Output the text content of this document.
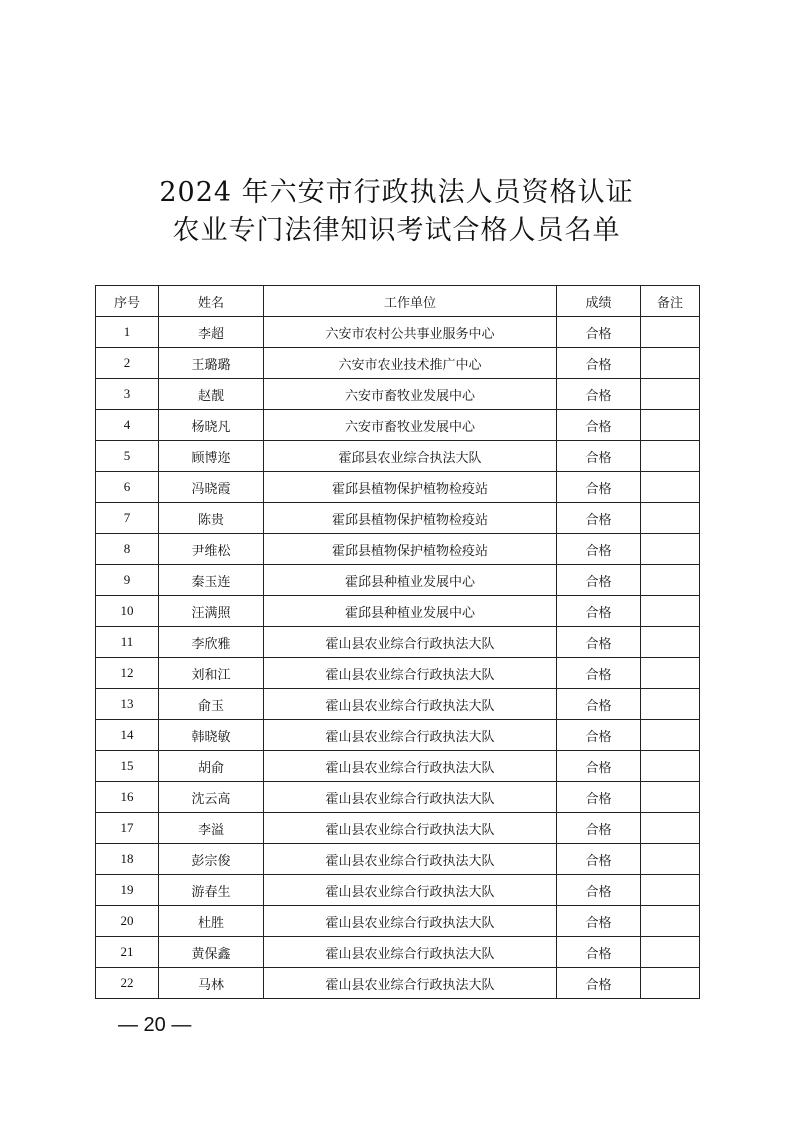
2024 年六安市行政执法人员资格认证
农业专门法律知识考试合格人员名单
序号	姓名	工作单位	成绩	备注
1	李超	六安市农村公共事业服务中心	合格	
2	王璐璐	六安市农业技术推广中心	合格	
3	赵靓	六安市畜牧业发展中心	合格	
4	杨晓凡	六安市畜牧业发展中心	合格	
5	顾博迩	霍邱县农业综合执法大队	合格	
6	冯晓霞	霍邱县植物保护植物检疫站	合格	
7	陈贵	霍邱县植物保护植物检疫站	合格	
8	尹维松	霍邱县植物保护植物检疫站	合格	
9	秦玉连	霍邱县种植业发展中心	合格	
10	汪满照	霍邱县种植业发展中心	合格	
11	李欣雅	霍山县农业综合行政执法大队	合格	
12	刘和江	霍山县农业综合行政执法大队	合格	
13	俞玉	霍山县农业综合行政执法大队	合格	
14	韩晓敏	霍山县农业综合行政执法大队	合格	
15	胡俞	霍山县农业综合行政执法大队	合格	
16	沈云高	霍山县农业综合行政执法大队	合格	
17	李溢	霍山县农业综合行政执法大队	合格	
18	彭宗俊	霍山县农业综合行政执法大队	合格	
19	游春生	霍山县农业综合行政执法大队	合格	
20	杜胜	霍山县农业综合行政执法大队	合格	
21	黄保鑫	霍山县农业综合行政执法大队	合格	
22	马林	霍山县农业综合行政执法大队	合格	
— 20 —
